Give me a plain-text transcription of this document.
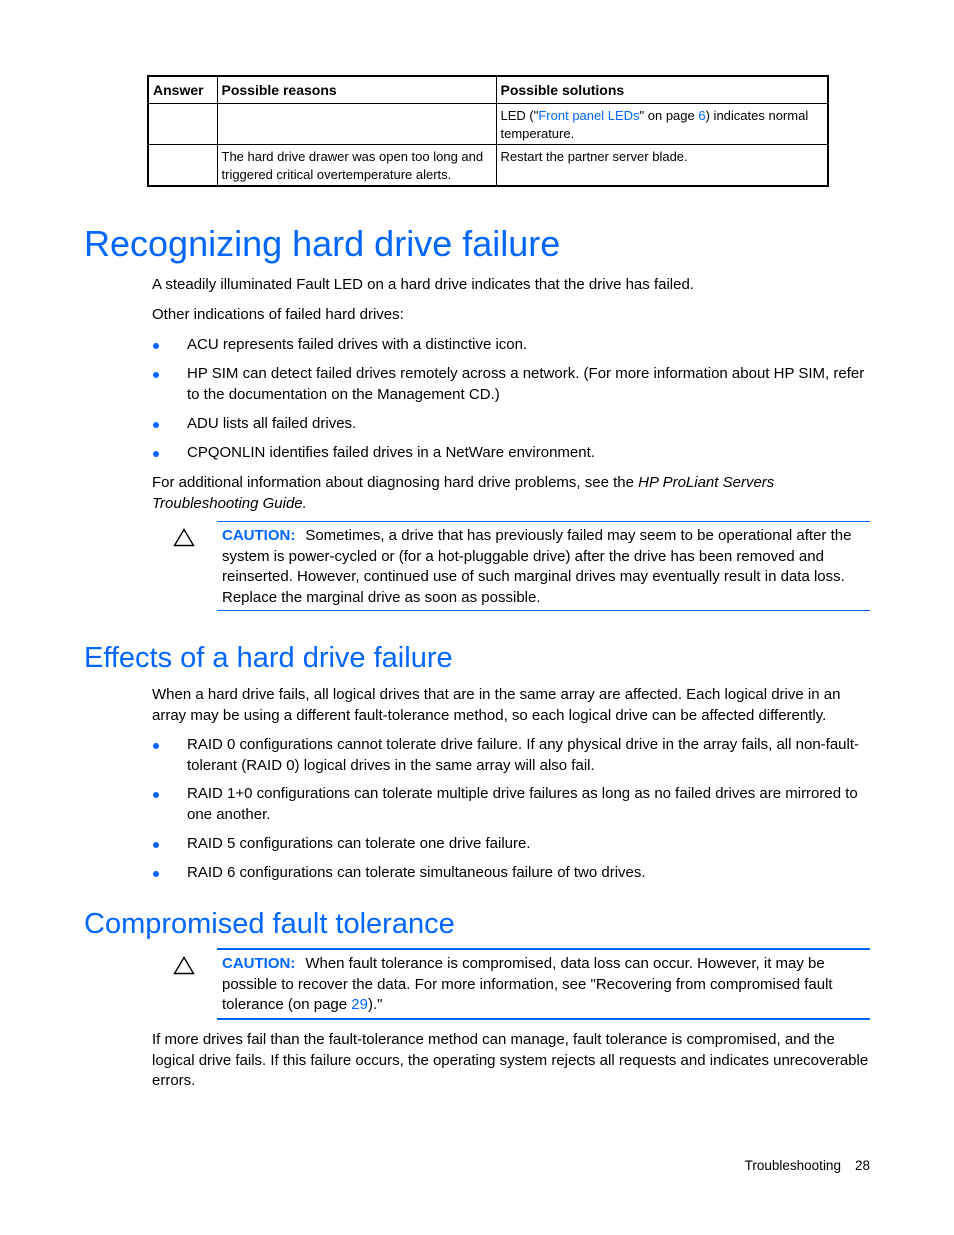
Answer	Possible reasons	Possible solutions
		LED ("Front panel LEDs" on page 6) indicates normal temperature.
	The hard drive drawer was open too long and triggered critical overtemperature alerts.	Restart the partner server blade.
Recognizing hard drive failure

A steadily illuminated Fault LED on a hard drive indicates that the drive has failed.

Other indications of failed hard drives:

ACU represents failed drives with a distinctive icon.
HP SIM can detect failed drives remotely across a network. (For more information about HP SIM, refer to the documentation on the Management CD.)
ADU lists all failed drives.
CPQONLIN identifies failed drives in a NetWare environment.

For additional information about diagnosing hard drive problems, see the HP ProLiant Servers Troubleshooting Guide.

CAUTION: Sometimes, a drive that has previously failed may seem to be operational after the system is power-cycled or (for a hot-pluggable drive) after the drive has been removed and reinserted. However, continued use of such marginal drives may eventually result in data loss. Replace the marginal drive as soon as possible.
Effects of a hard drive failure

When a hard drive fails, all logical drives that are in the same array are affected. Each logical drive in an array may be using a different fault-tolerance method, so each logical drive can be affected differently.

RAID 0 configurations cannot tolerate drive failure. If any physical drive in the array fails, all non-fault-tolerant (RAID 0) logical drives in the same array will also fail.
RAID 1+0 configurations can tolerate multiple drive failures as long as no failed drives are mirrored to one another.
RAID 5 configurations can tolerate one drive failure.
RAID 6 configurations can tolerate simultaneous failure of two drives.
Compromised fault tolerance
CAUTION: When fault tolerance is compromised, data loss can occur. However, it may be possible to recover the data. For more information, see "Recovering from compromised fault tolerance (on page 29)."

If more drives fail than the fault-tolerance method can manage, fault tolerance is compromised, and the logical drive fails. If this failure occurs, the operating system rejects all requests and indicates unrecoverable errors.

Troubleshooting 28
